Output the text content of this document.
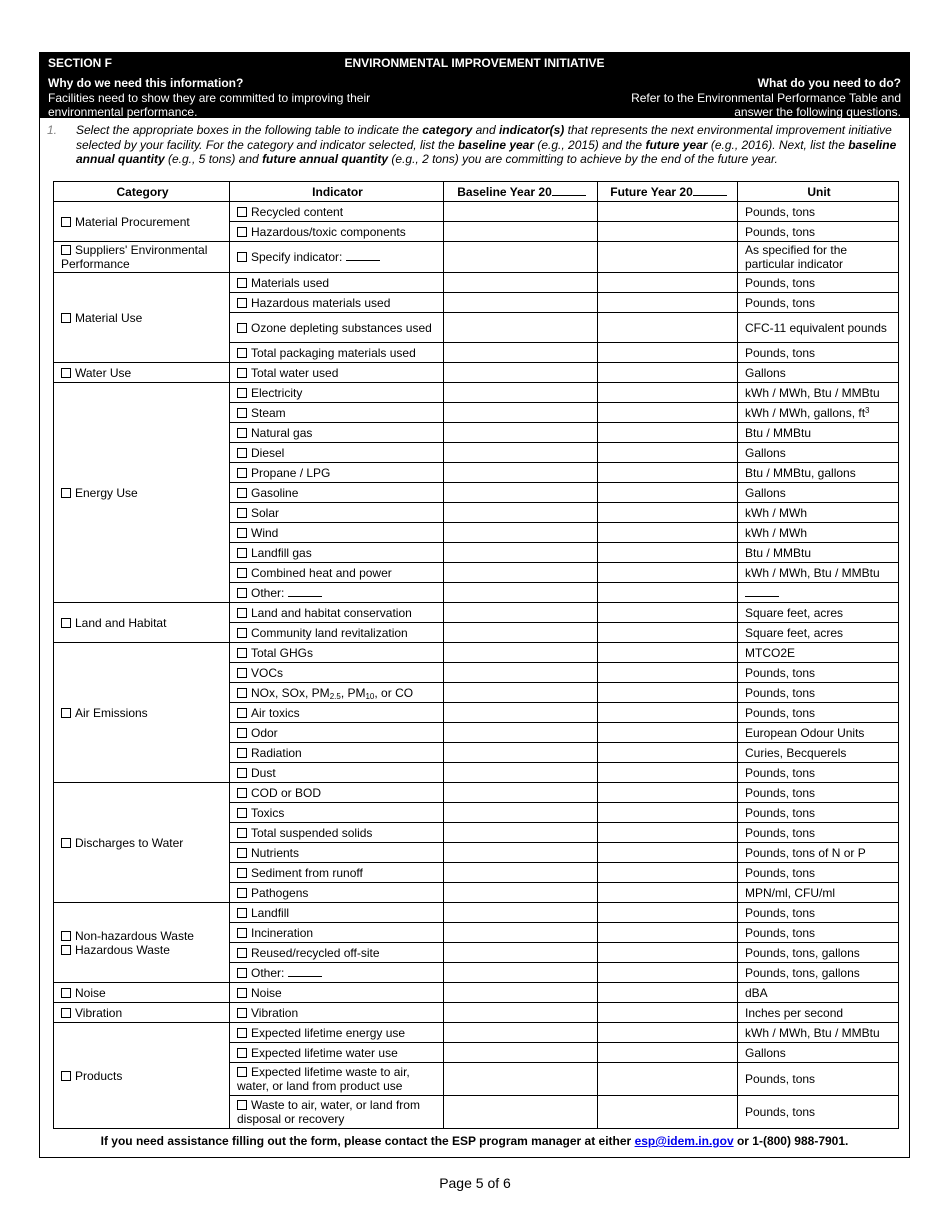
SECTION F	ENVIRONMENTAL IMPROVEMENT INITIATIVE
Why do we need this information?
Facilities need to show they are committed to improving their environmental performance.
What do you need to do?
Refer to the Environmental Performance Table and answer the following questions.
1. Select the appropriate boxes in the following table to indicate the category and indicator(s) that represents the next environmental improvement initiative selected by your facility. For the category and indicator selected, list the baseline year (e.g., 2015) and the future year (e.g., 2016). Next, list the baseline annual quantity (e.g., 5 tons) and future annual quantity (e.g., 2 tons) you are committing to achieve by the end of the future year.
Category	Indicator	Baseline Year 20	Future Year 20	Unit

Material Procurement	Recycled content			Pounds, tons
	Hazardous/toxic components			Pounds, tons

Suppliers' Environmental Performance	Specify indicator:			As specified for the particular indicator

Material Use	Materials used			Pounds, tons
	Hazardous materials used			Pounds, tons
	Ozone depleting substances used			CFC-11 equivalent pounds
	Total packaging materials used			Pounds, tons

Water Use	Total water used			Gallons

Energy Use	Electricity			kWh / MWh, Btu / MMBtu
	Steam			kWh / MWh, gallons, $ft^3$
	Natural gas			Btu / MMBtu
	Diesel			Gallons
	Propane / LPG			Btu / MMBtu, gallons
	Gasoline			Gallons
	Solar			kWh / MWh
	Wind			kWh / MWh
	Landfill gas			Btu / MMBtu
	Combined heat and power			kWh / MWh, Btu / MMBtu
	Other:			

Land and Habitat	Land and habitat conservation			Square feet, acres
	Community land revitalization			Square feet, acres

Air Emissions	Total GHGs			MTCO2E
	VOCs			Pounds, tons
	NOx, SOx, $PM_{2.5}$, $PM_{10}$, or CO			Pounds, tons
	Air toxics			Pounds, tons
	Odor			European Odour Units
	Radiation			Curies, Becquerels
	Dust			Pounds, tons

Discharges to Water	COD or BOD			Pounds, tons
	Toxics			Pounds, tons
	Total suspended solids			Pounds, tons
	Nutrients			Pounds, tons of N or P
	Sediment from runoff			Pounds, tons
	Pathogens			MPN/ml, CFU/ml

Non-hazardous Waste
Hazardous Waste	Landfill			Pounds, tons
	Incineration			Pounds, tons
	Reused/recycled off-site			Pounds, tons, gallons
	Other:			Pounds, tons, gallons

Noise	Noise			dBA

Vibration	Vibration			Inches per second

Products	Expected lifetime energy use			kWh / MWh, Btu / MMBtu
	Expected lifetime water use			Gallons
	Expected lifetime waste to air, water, or land from product use			Pounds, tons
	Waste to air, water, or land from disposal or recovery			Pounds, tons
If you need assistance filling out the form, please contact the ESP program manager at either esp@idem.in.gov or 1-(800) 988-7901.
Page 5 of 6
